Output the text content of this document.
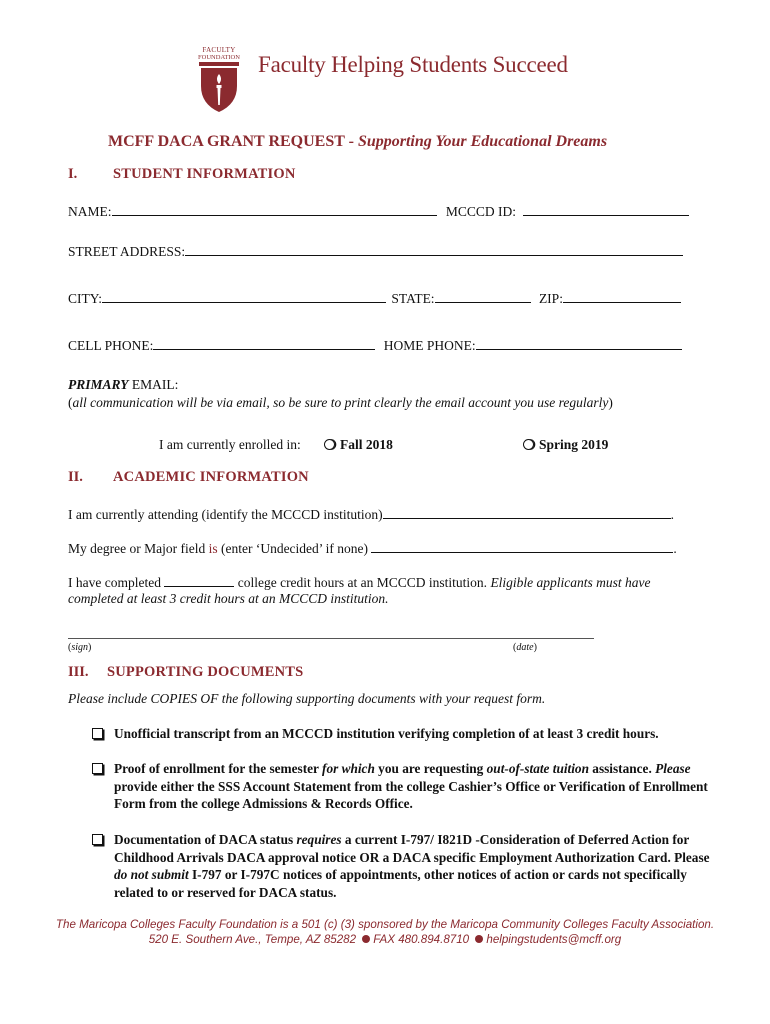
FACULTY
FOUNDATION Faculty Helping Students Succeed
MCFF DACA GRANT REQUEST - Supporting Your Educational Dreams
I. STUDENT INFORMATION
NAME:	MCCCD ID:
STREET ADDRESS:
CITY:	STATE:	ZIP:
CELL PHONE:	HOME PHONE:
PRIMARY EMAIL:
(all communication will be via email, so be sure to print clearly the email account you use regularly)
I am currently enrolled in:	Fall 2018	Spring 2019
II. ACADEMIC INFORMATION
I am currently attending (identify the MCCCD institution)	.
My degree or Major field is (enter ‘Undecided’ if none)	.
I have completed	college credit hours at an MCCCD institution. Eligible applicants must have
completed at least 3 credit hours at an MCCCD institution.
(sign)	(date)
III. SUPPORTING DOCUMENTS
Please include COPIES OF the following supporting documents with your request form.
Unofficial transcript from an MCCCD institution verifying completion of at least 3 credit hours.
Proof of enrollment for the semester for which you are requesting out-of-state tuition assistance. Please provide either the SSS Account Statement from the college Cashier’s Office or Verification of Enrollment Form from the college Admissions & Records Office.
Documentation of DACA status requires a current I-797/ I821D -Consideration of Deferred Action for Childhood Arrivals DACA approval notice OR a DACA specific Employment Authorization Card. Please do not submit I-797 or I-797C notices of appointments, other notices of action or cards not specifically related to or reserved for DACA status.
The Maricopa Colleges Faculty Foundation is a 501 (c) (3) sponsored by the Maricopa Community Colleges Faculty Association.
520 E. Southern Ave., Tempe, AZ 85282 FAX 480.894.8710 helpingstudents@mcff.org
